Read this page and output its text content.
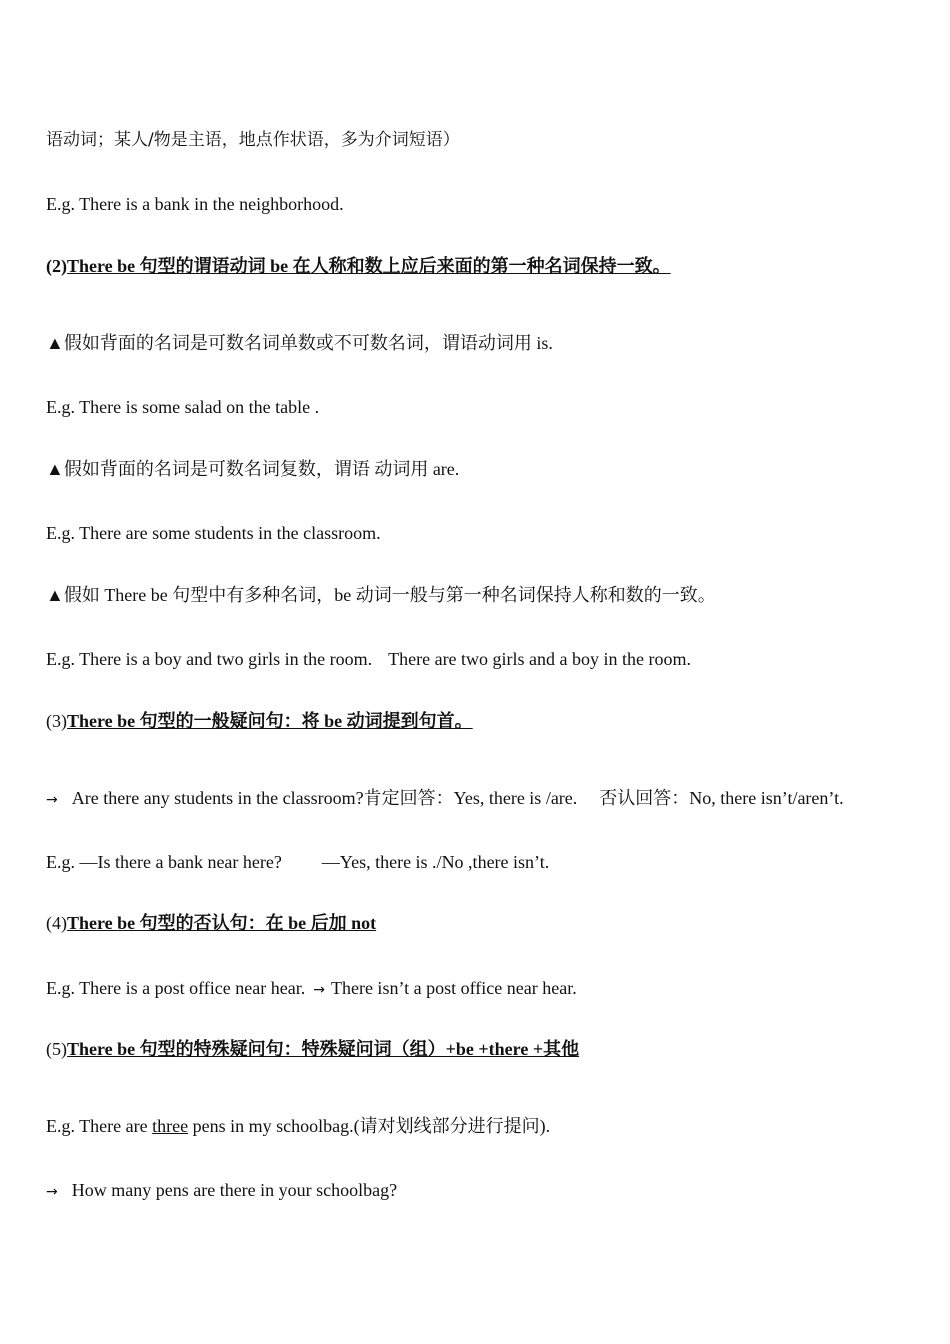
语动词；某人/物是主语，地点作状语，多为介词短语）
E.g. There is a bank in the neighborhood.
(2)There be 句型的谓语动词 be 在人称和数上应后来面的第一种名词保持一致。
▲假如背面的名词是可数名词单数或不可数名词，谓语动词用 is.
E.g. There is some salad on the table .
▲假如背面的名词是可数名词复数，谓语 动词用 are.
E.g. There are some students in the classroom.
▲假如 There be 句型中有多种名词，be 动词一般与第一种名词保持人称和数的一致。
E.g. There is a boy and two girls in the room. There are two girls and a boy in the room.
(3)There be 句型的一般疑问句：将 be 动词提到句首。
→ Are there any students in the classroom?肯定回答：Yes, there is /are. 否认回答：No, there isn’t/aren’t.
E.g. —Is there a bank near here? —Yes, there is ./No ,there isn’t.
(4)There be 句型的否认句：在 be 后加 not
E.g. There is a post office near hear. → There isn’t a post office near hear.
(5)There be 句型的特殊疑问句：特殊疑问词（组）+be +there +其他
E.g. There are three pens in my schoolbag.(请对划线部分进行提问).
→ How many pens are there in your schoolbag?
